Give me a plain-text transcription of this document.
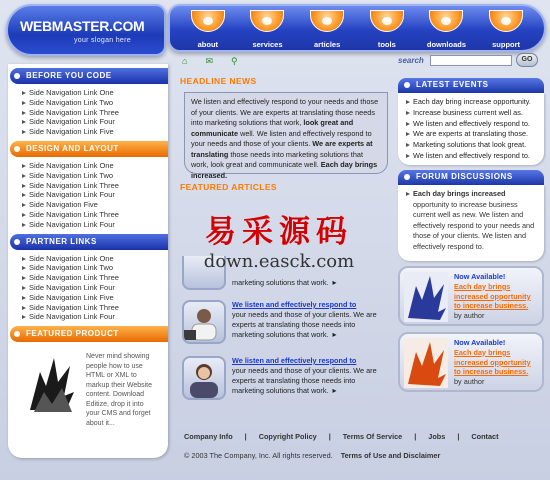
WEBMASTER.COM
your slogan here	about	services	articles	tools	downloads	support
BEFORE YOU CODE
Side Navigation Link One
Side Navigation Link Two
Side Navigation Link Three
Side Navigation Link Four
Side Navigation Link Five
DESIGN AND LAYOUT
Side Navigation Link One
Side Navigation Link Two
Side Navigation Link Three
Side Navigation Link Four
Side Navigation Five
Side Navigation Link Three
Side Navigation Link Four
PARTNER LINKS
Side Navigation Link One
Side Navigation Link Two
Side Navigation Link Three
Side Navigation Link Four
Side Navigation Link Five
Side Navigation Link Three
Side Navigation Link Four
FEATURED PRODUCT
Never mind showing people how to use HTML or XML to markup their Website content. Download Editize, drop it into your CMS and forget about it...
⌂ ✉ ⚲
HEADLINE NEWS
We listen and effectively respond to your needs and those of your clients. We are experts at translating those needs into marketing solutions that work, look great and communicate well. We listen and effectively respond to your needs and those of your clients. We are experts at translating those needs into marketing solutions that work, look great and communicate well. Each day brings increased.
FEATURED ARTICLES
marketing solutions that work. ▸
易采源码
down.easck.com
We listen and effectively respond to
your needs and those of your clients. We are experts at translating those needs into marketing solutions that work. ▸
We listen and effectively respond to
your needs and those of your clients. We are experts at translating those needs into marketing solutions that work. ▸
search	GO
LATEST EVENTS
Each day bring increase opportunity.
Increase business current well as.
We listen and effectively respond to.
We are experts at translating those.
Marketing solutions that look great.
We listen and effectively respond to.
FORUM DISCUSSIONS
Each day brings increased opportunity to increase business current well as new. We listen and effectively respond to your needs and those of your clients. We listen and effectively respond to.
Now Available!
Each day brings increased opportunity to increase business.
by author
Now Available!
Each day brings increased opportunity to increase business.
by author
Company Info | Copyright Policy | Terms Of Service | Jobs | Contact
© 2003 The Company, Inc. All rights reserved. Terms of Use and Disclaimer
